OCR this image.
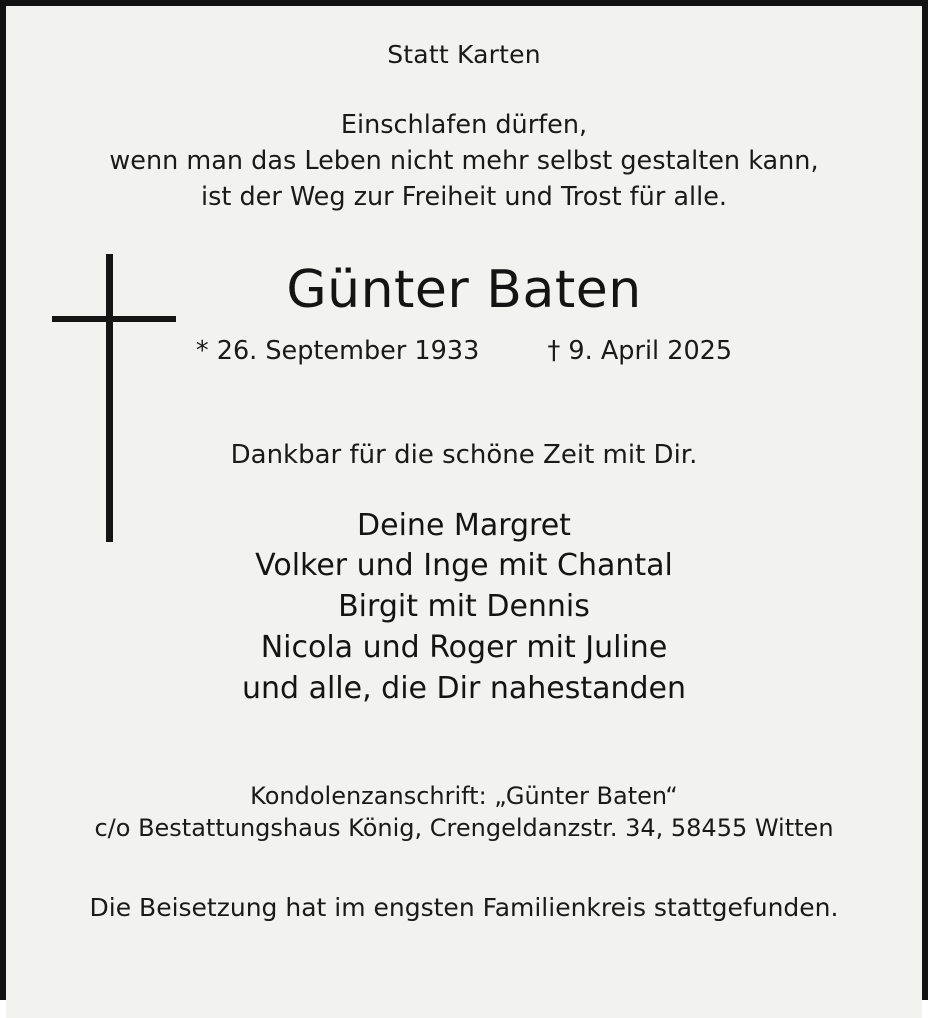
Statt Karten
Einschlafen dürfen,
wenn man das Leben nicht mehr selbst gestalten kann,
ist der Weg zur Freiheit und Trost für alle.
Günter Baten
* 26. September 1933	† 9. April 2025
Dankbar für die schöne Zeit mit Dir.
Deine Margret
Volker und Inge mit Chantal
Birgit mit Dennis
Nicola und Roger mit Juline
und alle, die Dir nahestanden
Kondolenzanschrift: „Günter Baten“
c/o Bestattungshaus König, Crengeldanzstr. 34, 58455 Witten
Die Beisetzung hat im engsten Familienkreis stattgefunden.
